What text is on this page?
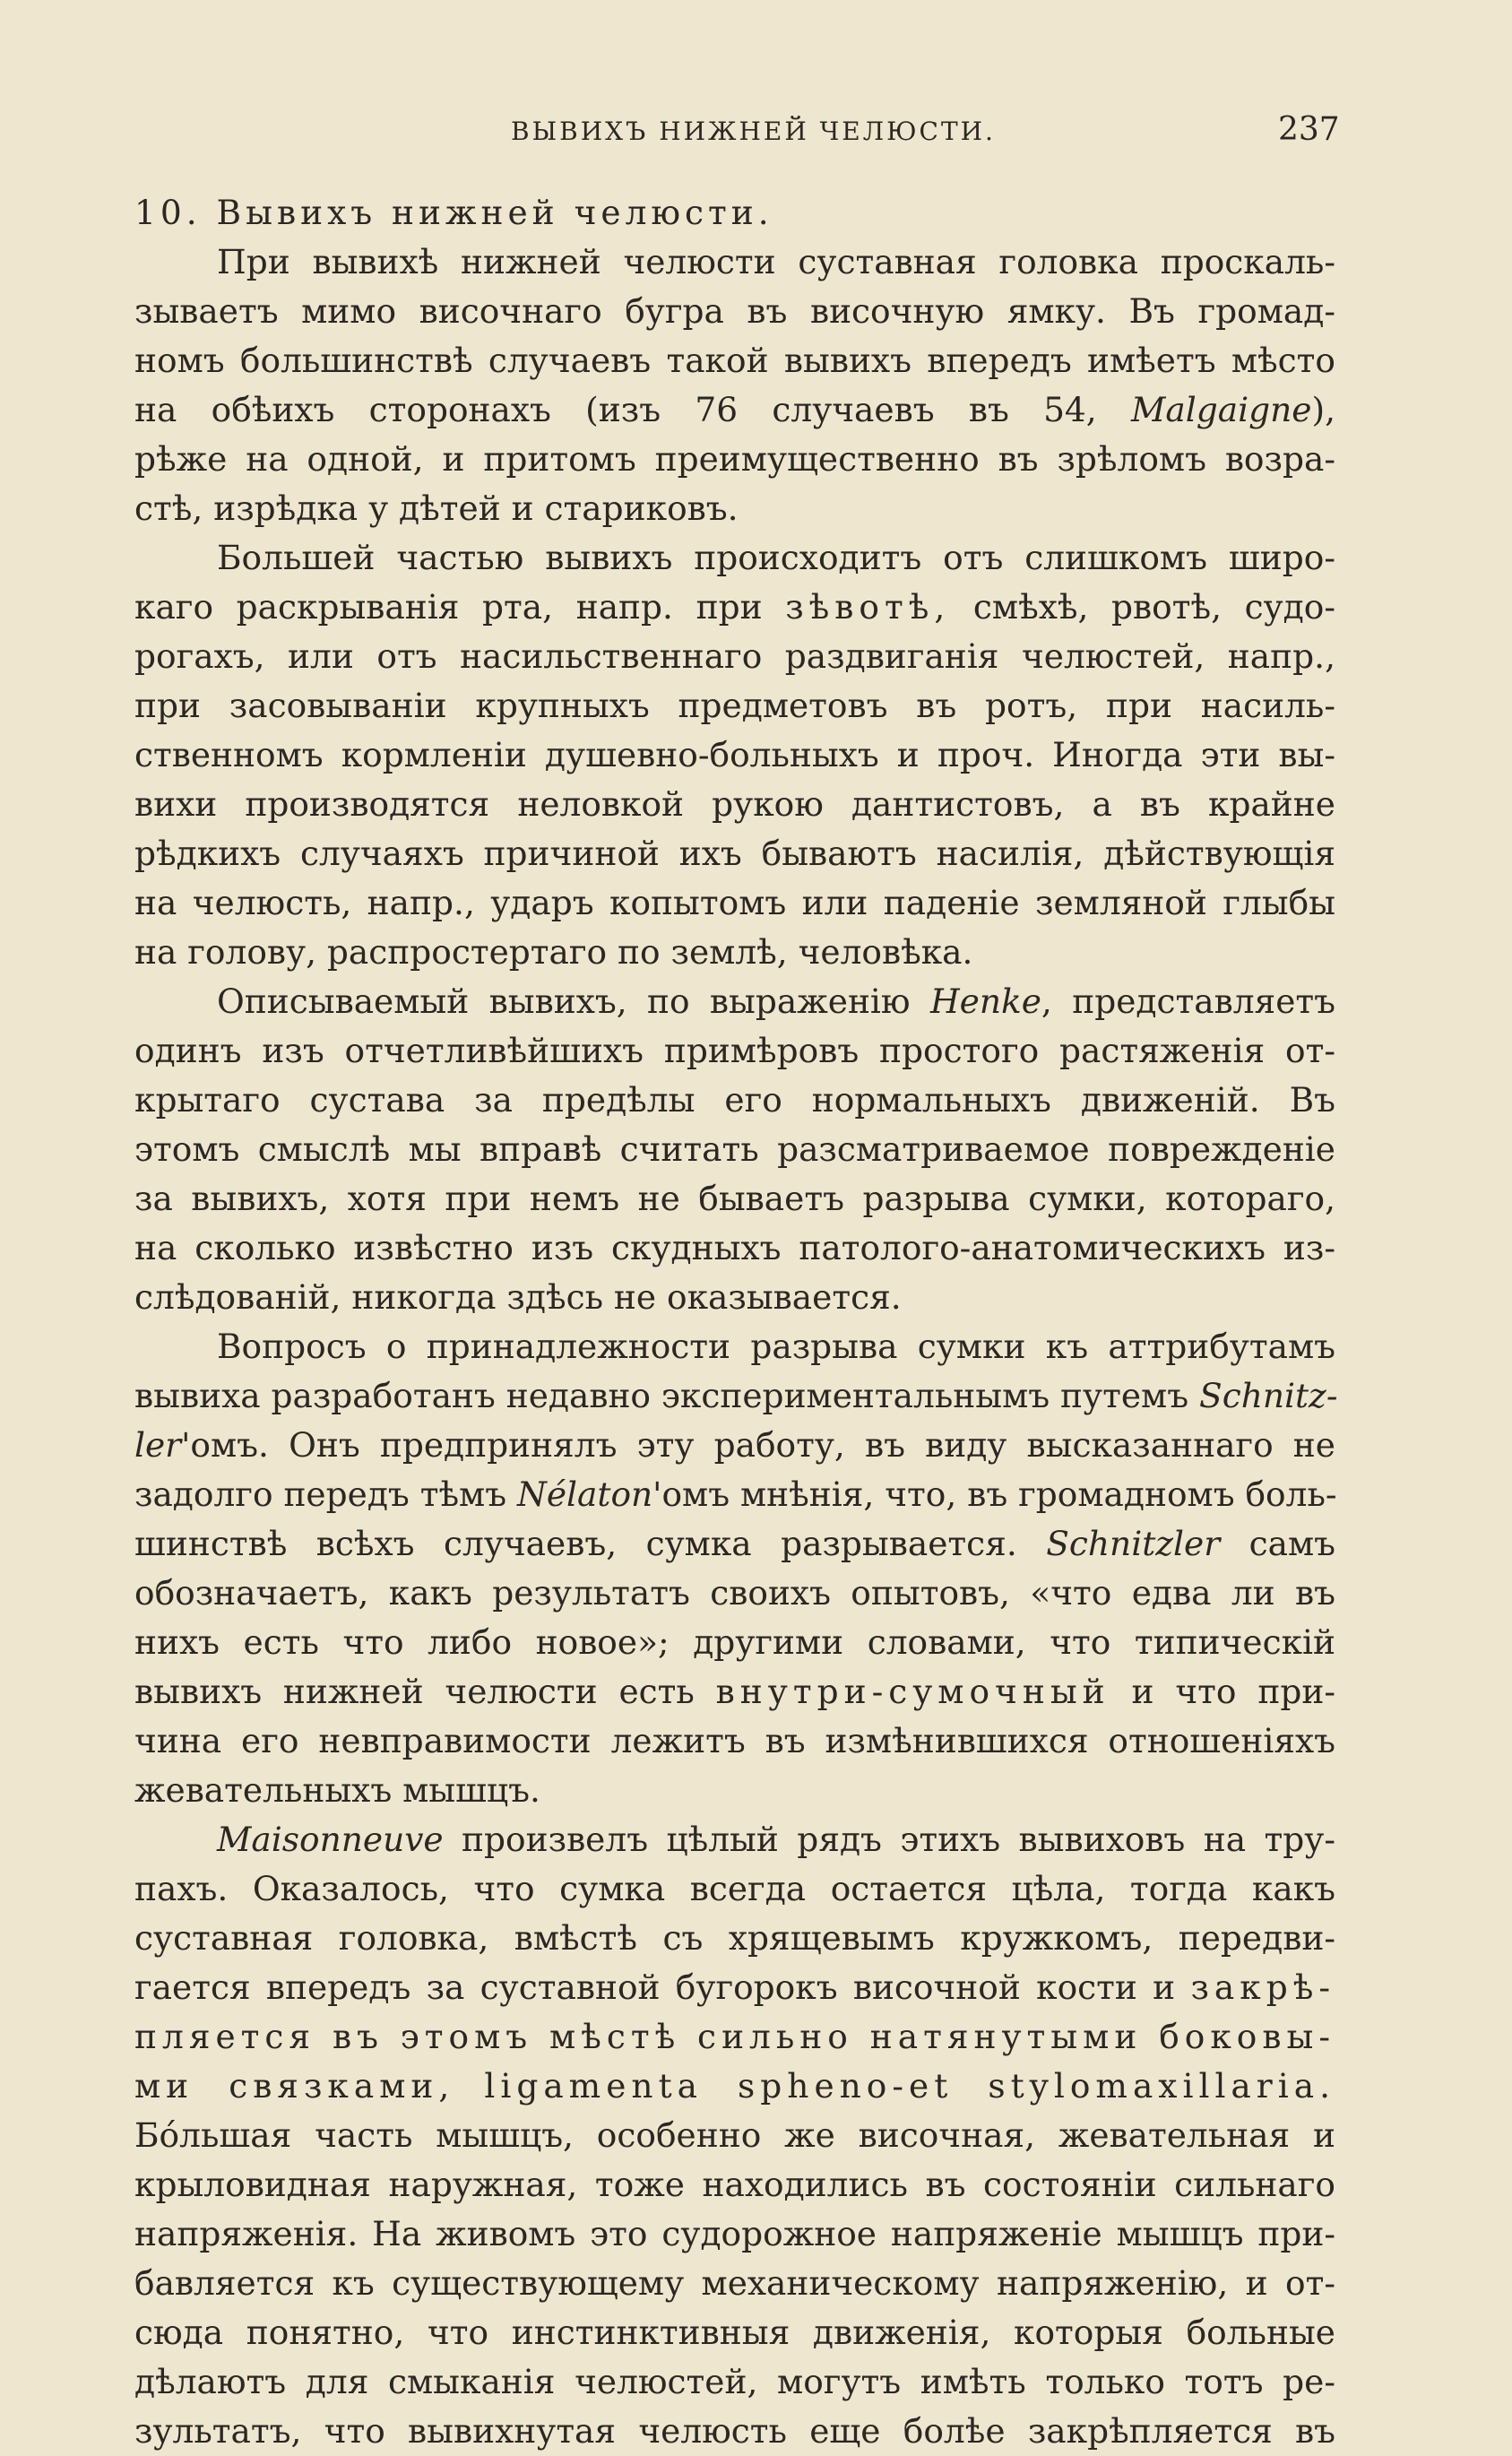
ВЫВИХЪ НИЖНЕЙ ЧЕЛЮСТИ.	237
10. Вывихъ нижней челюсти.
При вывихѣ нижней челюсти суставная головка проскаль-
зываетъ мимо височнаго бугра въ височную ямку. Въ громад-
номъ большинствѣ случаевъ такой вывихъ впередъ имѣетъ мѣсто
на обѣихъ сторонахъ (изъ 76 случаевъ въ 54, Malgaigne),
рѣже на одной, и притомъ преимущественно въ зрѣломъ возра-
стѣ, изрѣдка у дѣтей и стариковъ.
Большей частью вывихъ происходитъ отъ слишкомъ широ-
каго раскрыванія рта, напр. при зѣвотѣ, смѣхѣ, рвотѣ, судо-
рогахъ, или отъ насильственнаго раздвиганія челюстей, напр.,
при засовываніи крупныхъ предметовъ въ ротъ, при насиль-
ственномъ кормленіи душевно-больныхъ и проч. Иногда эти вы-
вихи производятся неловкой рукою дантистовъ, а въ крайне
рѣдкихъ случаяхъ причиной ихъ бываютъ насилія, дѣйствующія
на челюсть, напр., ударъ копытомъ или паденіе земляной глыбы
на голову, распростертаго по землѣ, человѣка.
Описываемый вывихъ, по выраженію Henke, представляетъ
одинъ изъ отчетливѣйшихъ примѣровъ простого растяженія от-
крытаго сустава за предѣлы его нормальныхъ движеній. Въ
этомъ смыслѣ мы вправѣ считать разсматриваемое поврежденіе
за вывихъ, хотя при немъ не бываетъ разрыва сумки, котораго,
на сколько извѣстно изъ скудныхъ патолого-анатомическихъ из-
слѣдованій, никогда здѣсь не оказывается.
Вопросъ о принадлежности разрыва сумки къ аттрибутамъ
вывиха разработанъ недавно экспериментальнымъ путемъ Schnitz-
ler'омъ. Онъ предпринялъ эту работу, въ виду высказаннаго не
задолго передъ тѣмъ Nélaton'омъ мнѣнія, что, въ громадномъ боль-
шинствѣ всѣхъ случаевъ, сумка разрывается. Schnitzler самъ
обозначаетъ, какъ результатъ своихъ опытовъ, «что едва ли въ
нихъ есть что либо новое»; другими словами, что типическій
вывихъ нижней челюсти есть внутри-сумочный и что при-
чина его невправимости лежитъ въ измѣнившихся отношеніяхъ
жевательныхъ мышцъ.
Maisonneuve произвелъ цѣлый рядъ этихъ вывиховъ на тру-
пахъ. Оказалось, что сумка всегда остается цѣла, тогда какъ
суставная головка, вмѣстѣ съ хрящевымъ кружкомъ, передви-
гается впередъ за суставной бугорокъ височной кости и закрѣ-
пляется въ этомъ мѣстѣ сильно натянутыми боковы-
ми связками, ligamenta spheno-et stylomaxillaria.
Бо́льшая часть мышцъ, особенно же височная, жевательная и
крыловидная наружная, тоже находились въ состояніи сильнаго
напряженія. На живомъ это судорожное напряженіе мышцъ при-
бавляется къ существующему механическому напряженію, и от-
сюда понятно, что инстинктивныя движенія, которыя больные
дѣлаютъ для смыканія челюстей, могутъ имѣть только тотъ ре-
зультатъ, что вывихнутая челюсть еще болѣе закрѣпляется въ
